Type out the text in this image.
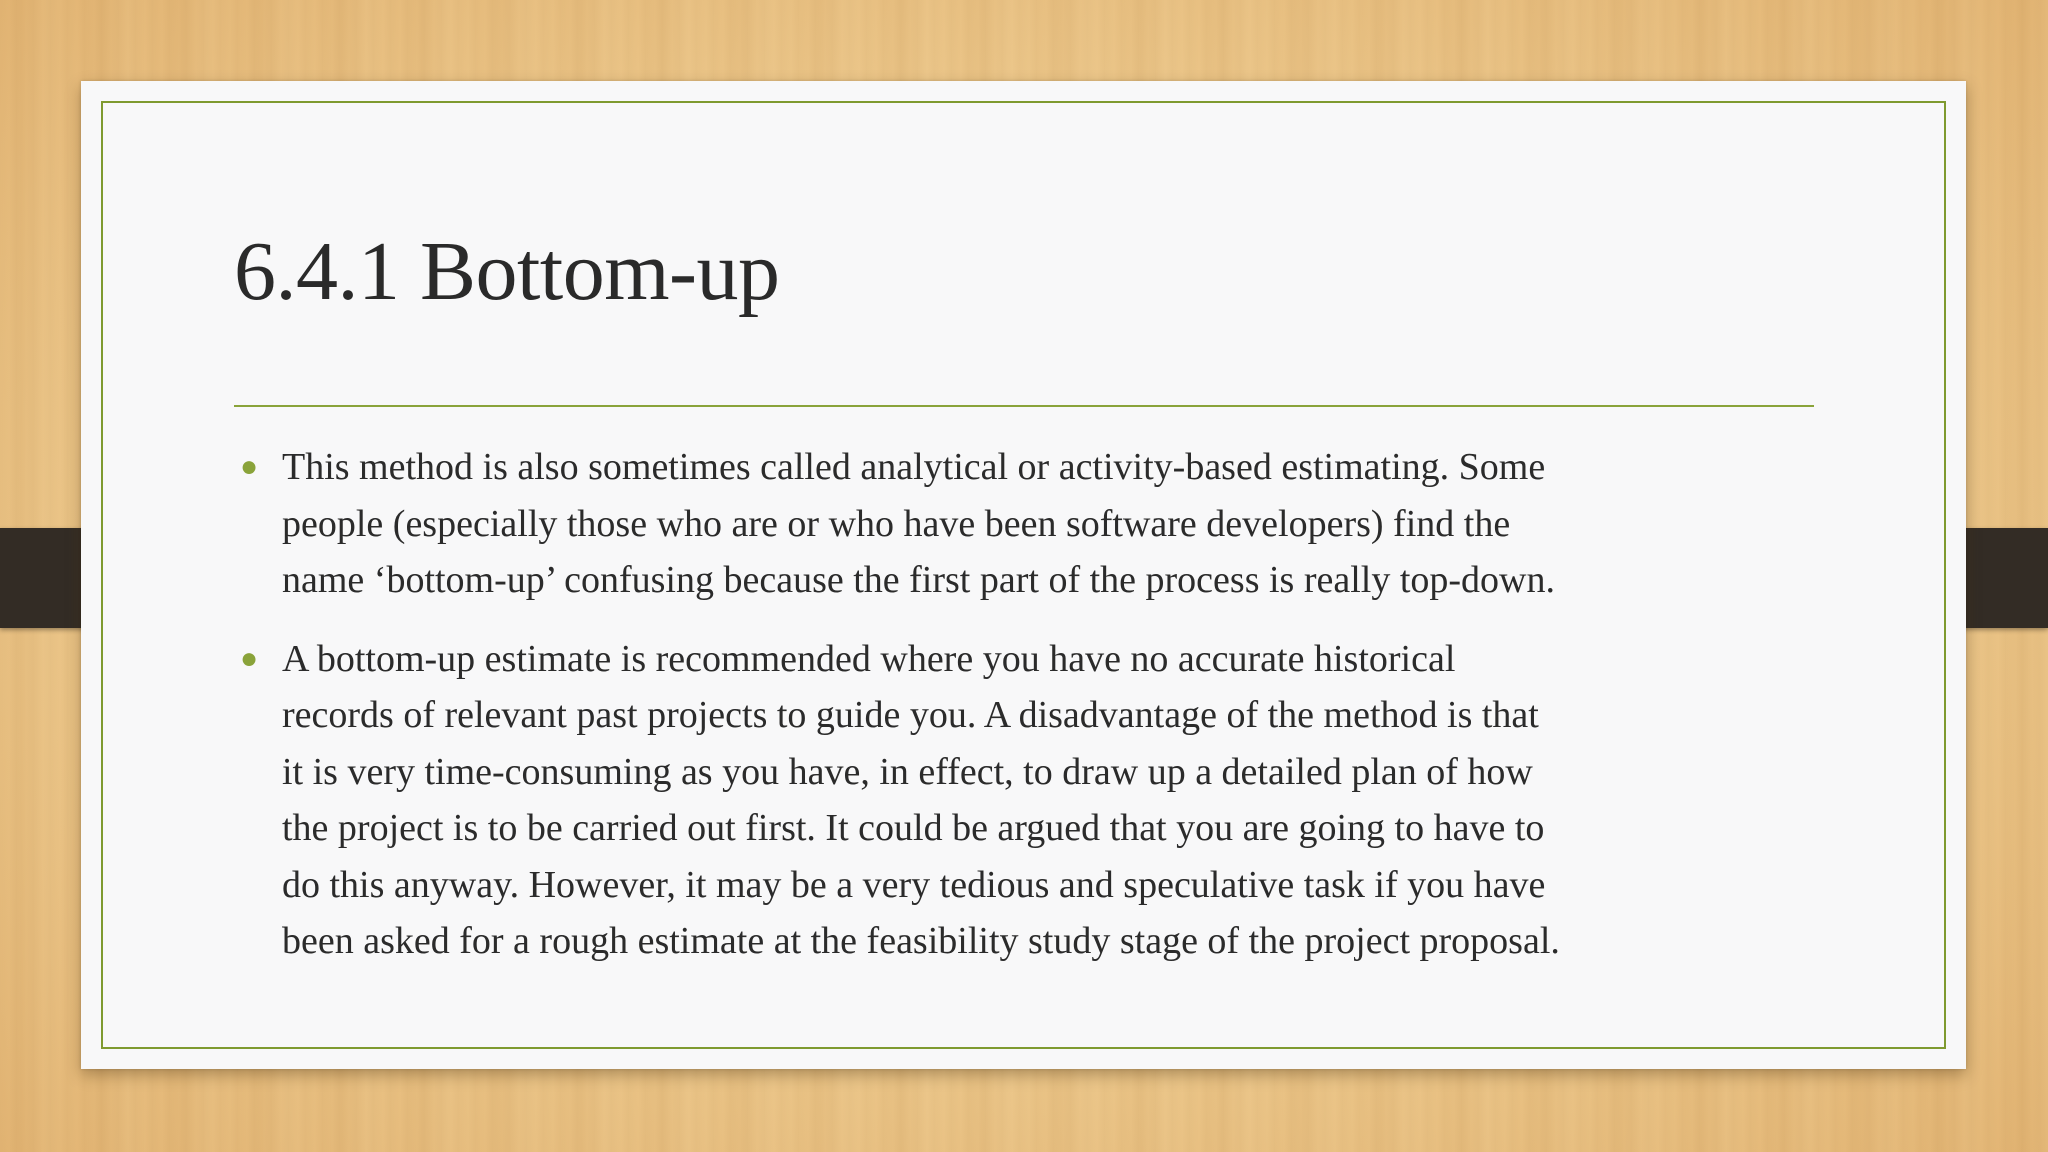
6.4.1 Bottom-up
● This method is also sometimes called analytical or activity-based estimating. Some
people (especially those who are or who have been software developers) find the
name ‘bottom-up’ confusing because the first part of the process is really top-down.
● A bottom-up estimate is recommended where you have no accurate historical
records of relevant past projects to guide you. A disadvantage of the method is that
it is very time-consuming as you have, in effect, to draw up a detailed plan of how
the project is to be carried out first. It could be argued that you are going to have to
do this anyway. However, it may be a very tedious and speculative task if you have
been asked for a rough estimate at the feasibility study stage of the project proposal.
